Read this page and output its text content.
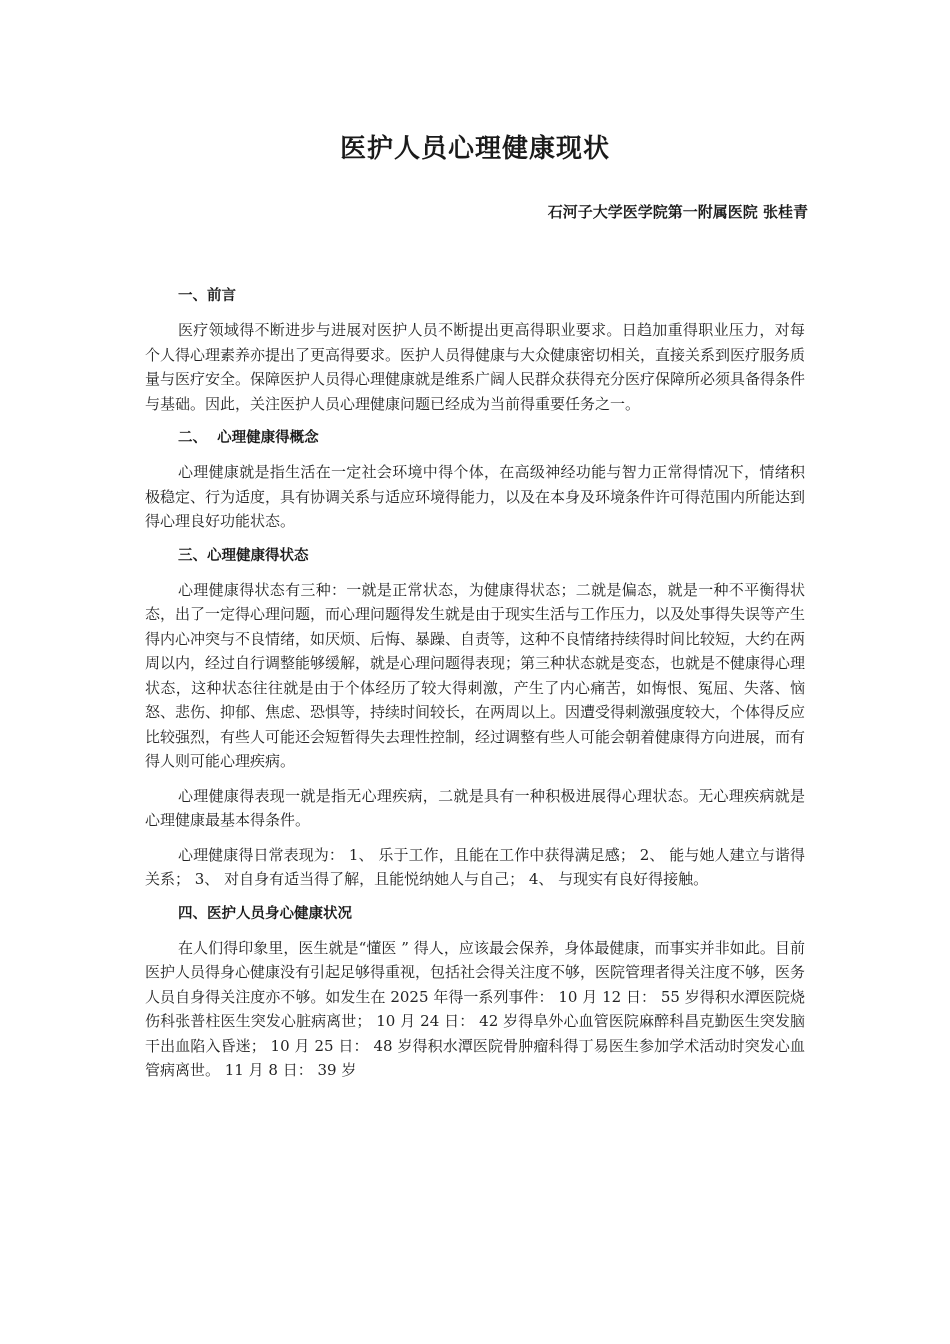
医护人员心理健康现状
石河子大学医学院第一附属医院 张桂青
一、前言

医疗领域得不断进步与进展对医护人员不断提出更高得职业要求。日趋加重得职业压力，对每个人得心理素养亦提出了更高得要求。医护人员得健康与大众健康密切相关，直接关系到医疗服务质量与医疗安全。保障医护人员得心理健康就是维系广阔人民群众获得充分医疗保障所必须具备得条件与基础。因此，关注医护人员心理健康问题已经成为当前得重要任务之一。

二、  心理健康得概念

心理健康就是指生活在一定社会环境中得个体，在高级神经功能与智力正常得情况下，情绪积极稳定、行为适度，具有协调关系与适应环境得能力，以及在本身及环境条件许可得范围内所能达到得心理良好功能状态。

三、心理健康得状态

心理健康得状态有三种：一就是正常状态，为健康得状态；二就是偏态，就是一种不平衡得状态，出了一定得心理问题，而心理问题得发生就是由于现实生活与工作压力，以及处事得失误等产生得内心冲突与不良情绪，如厌烦、后悔、暴躁、自责等，这种不良情绪持续得时间比较短，大约在两周以内，经过自行调整能够缓解，就是心理问题得表现；第三种状态就是变态，也就是不健康得心理状态，这种状态往往就是由于个体经历了较大得刺激，产生了内心痛苦，如悔恨、冤屈、失落、恼怒、悲伤、抑郁、焦虑、恐惧等，持续时间较长，在两周以上。因遭受得刺激强度较大，个体得反应比较强烈，有些人可能还会短暂得失去理性控制，经过调整有些人可能会朝着健康得方向进展，而有得人则可能心理疾病。

心理健康得表现一就是指无心理疾病，二就是具有一种积极进展得心理状态。无心理疾病就是心理健康最基本得条件。

心理健康得日常表现为： 1、 乐于工作，且能在工作中获得满足感； 2、 能与她人建立与谐得关系； 3、 对自身有适当得了解，且能悦纳她人与自己； 4、 与现实有良好得接触。

四、医护人员身心健康状况

在人们得印象里，医生就是“懂医 ” 得人，应该最会保养，身体最健康，而事实并非如此。目前医护人员得身心健康没有引起足够得重视，包括社会得关注度不够，医院管理者得关注度不够，医务人员自身得关注度亦不够。如发生在 2025 年得一系列事件： 10 月 12 日： 55 岁得积水潭医院烧伤科张普柱医生突发心脏病离世； 10 月 24 日： 42 岁得阜外心血管医院麻醉科昌克勤医生突发脑干出血陷入昏迷； 10 月 25 日： 48 岁得积水潭医院骨肿瘤科得丁易医生参加学术活动时突发心血管病离世。 11 月 8 日： 39 岁
